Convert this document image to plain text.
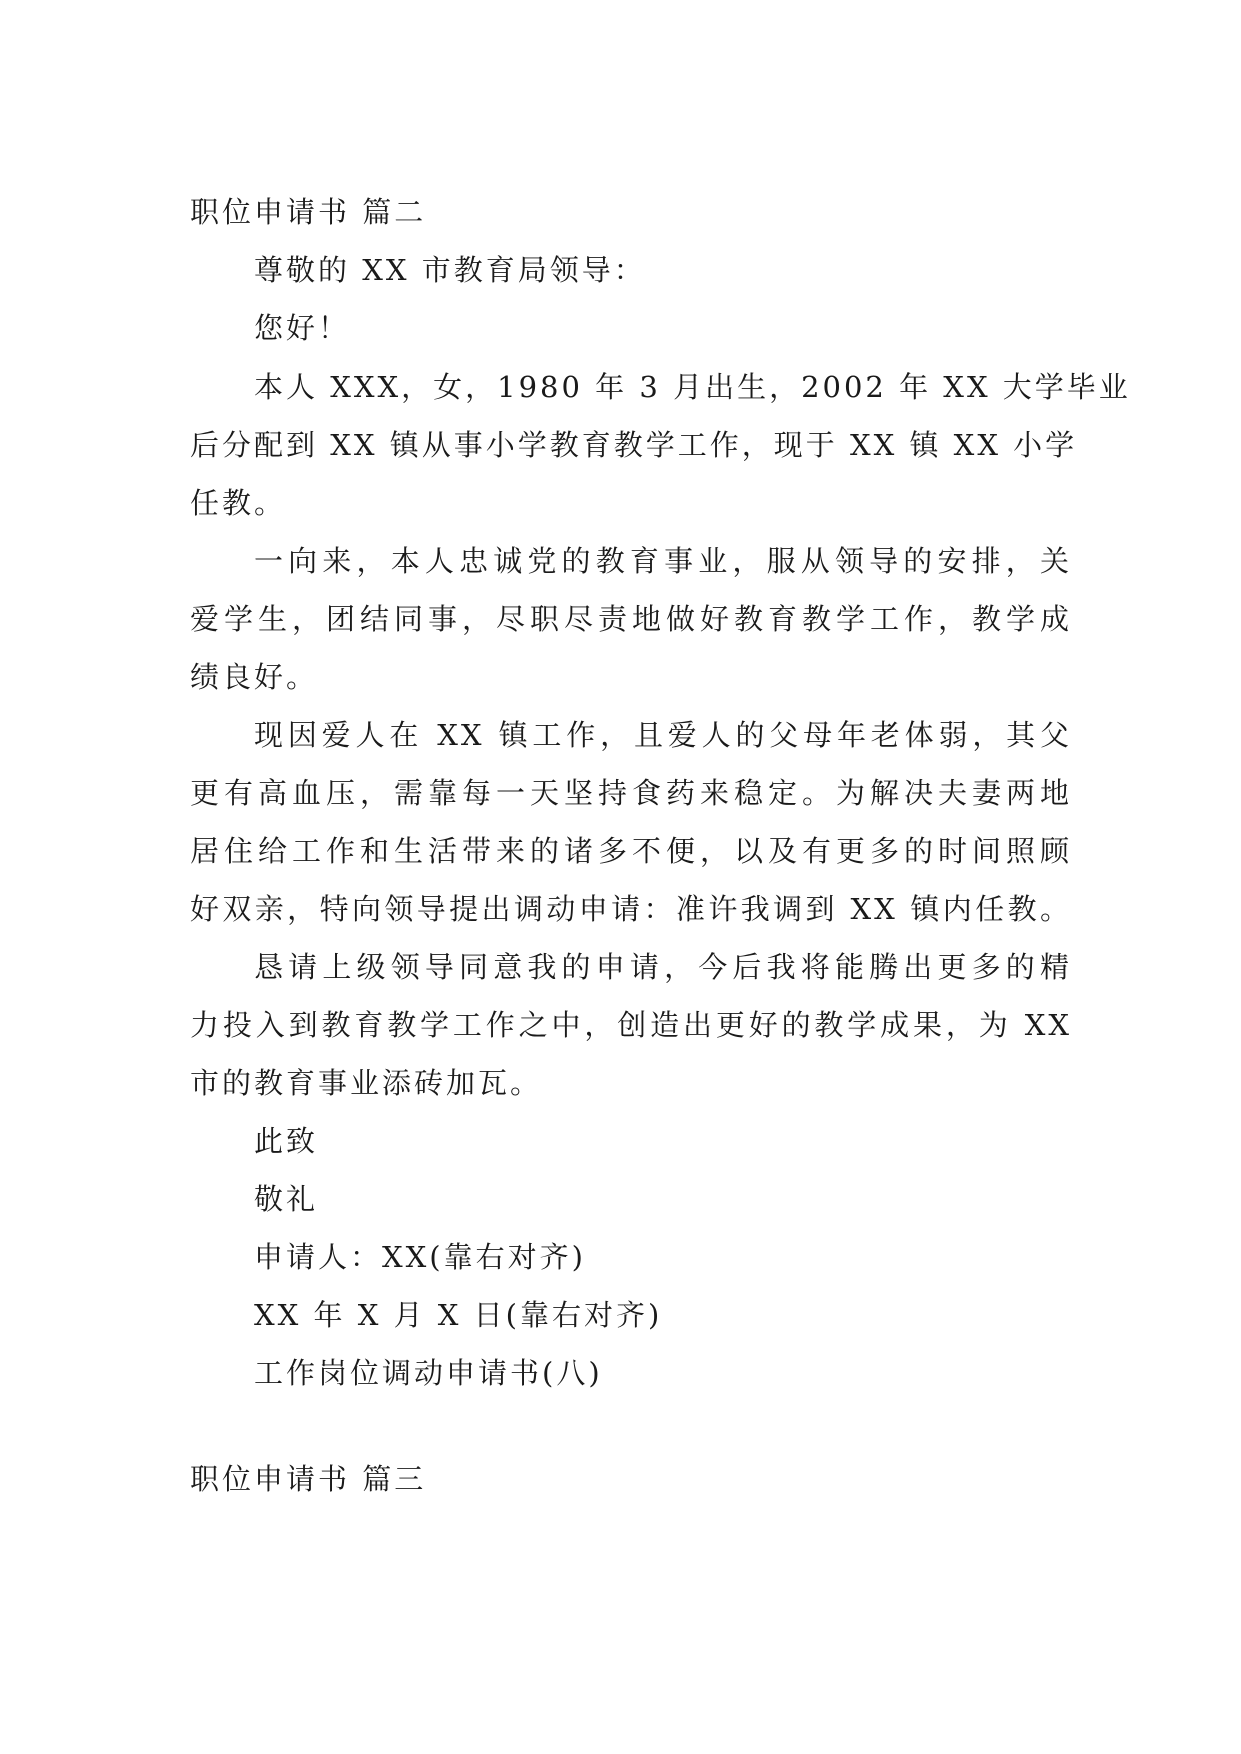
职位申请书 篇二
尊敬的 XX 市教育局领导：
您好！
本人 XXX，女，1980 年 3 月出生，2002 年 XX 大学毕业
后分配到 XX 镇从事小学教育教学工作，现于 XX 镇 XX 小学
任教。
一向来，本人忠诚党的教育事业，服从领导的安排，关
爱学生，团结同事，尽职尽责地做好教育教学工作，教学成
绩良好。
现因爱人在 XX 镇工作，且爱人的父母年老体弱，其父
更有高血压，需靠每一天坚持食药来稳定。为解决夫妻两地
居住给工作和生活带来的诸多不便，以及有更多的时间照顾
好双亲，特向领导提出调动申请：准许我调到 XX 镇内任教。
恳请上级领导同意我的申请，今后我将能腾出更多的精
力投入到教育教学工作之中，创造出更好的教学成果，为 XX
市的教育事业添砖加瓦。
此致
敬礼
申请人：XX(靠右对齐)
XX 年 X 月 X 日(靠右对齐)
工作岗位调动申请书(八)
职位申请书 篇三
